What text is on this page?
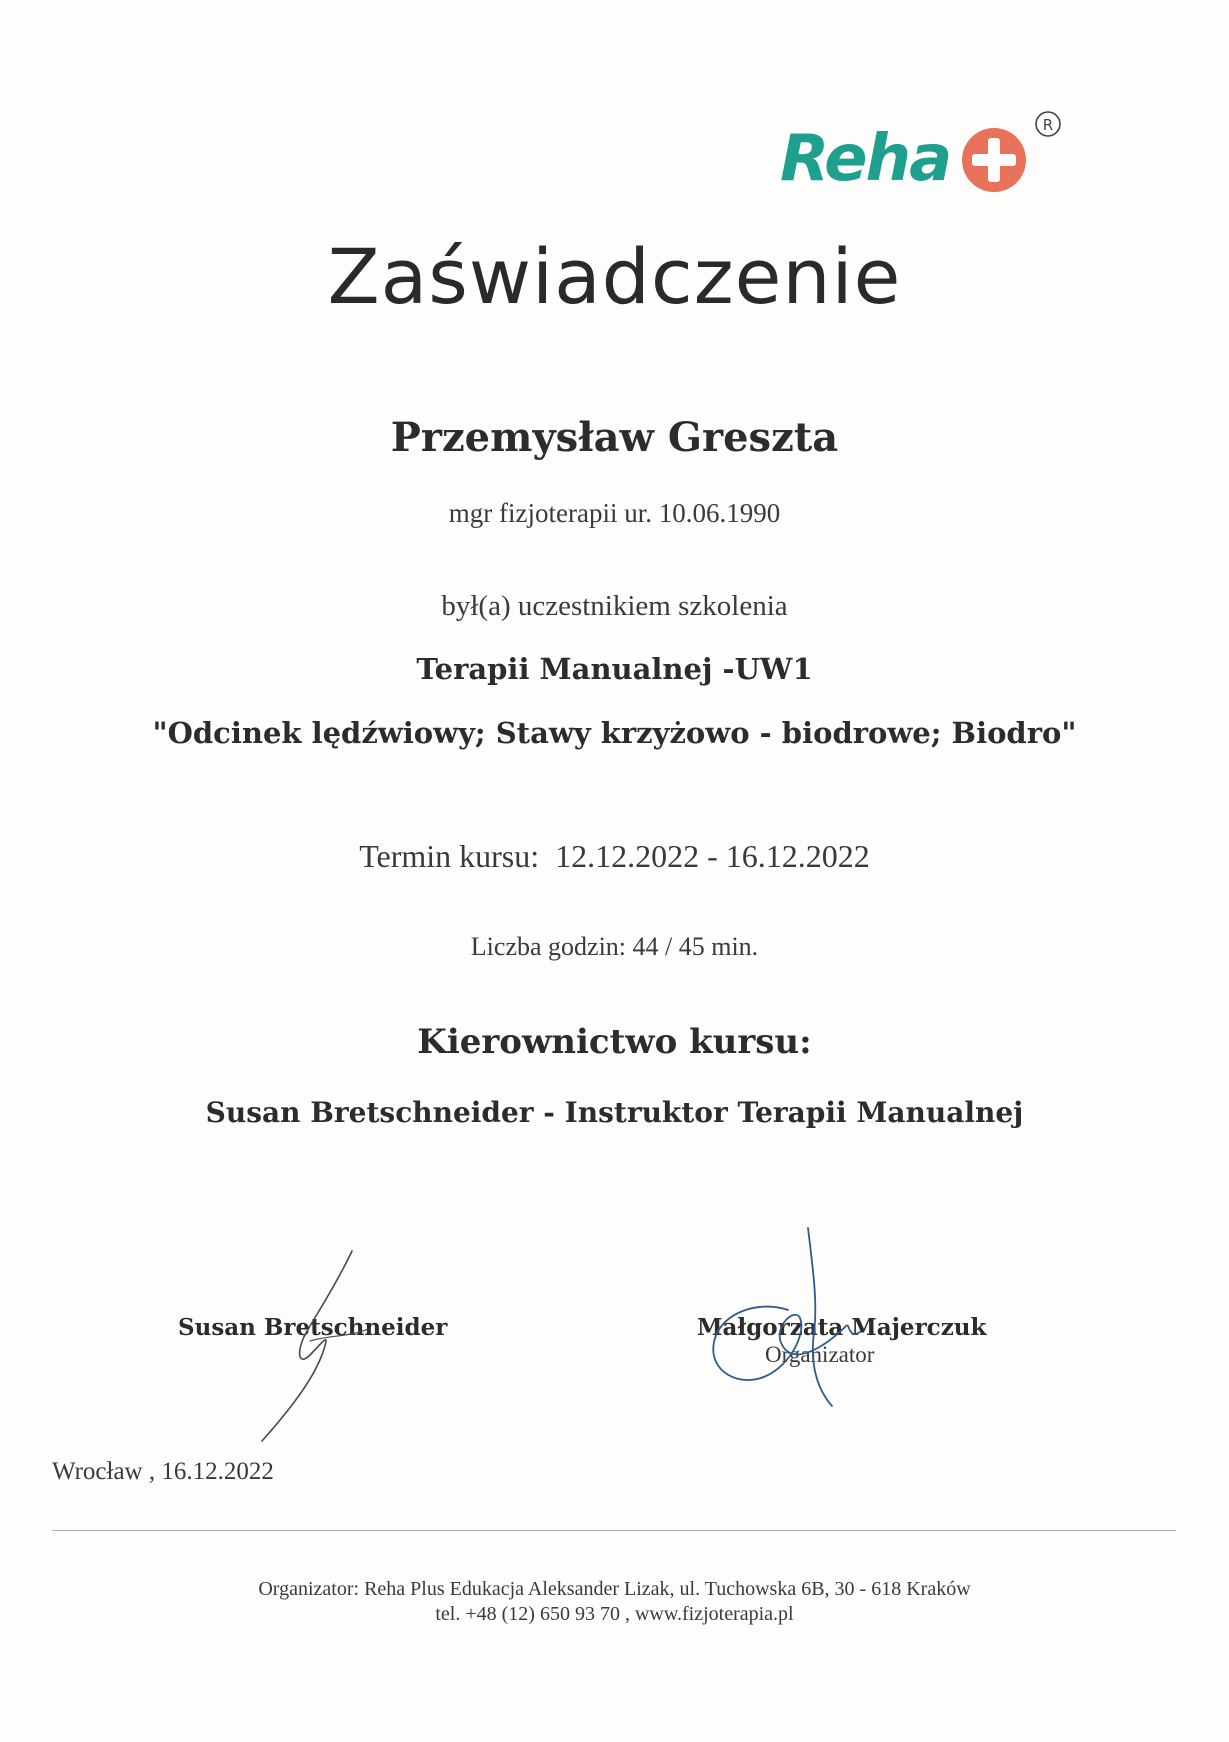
Reha	R
Zaświadczenie
Przemysław Greszta
mgr fizjoterapii ur. 10.06.1990
był(a) uczestnikiem szkolenia
Terapii Manualnej -UW1
"Odcinek lędźwiowy; Stawy krzyżowo - biodrowe; Biodro"
Termin kursu: 12.12.2022 - 16.12.2022
Liczba godzin: 44 / 45 min.
Kierownictwo kursu:
Susan Bretschneider - Instruktor Terapii Manualnej
Susan Bretschneider	Małgorzata Majerczuk
Organizator
Wrocław , 16.12.2022
Organizator: Reha Plus Edukacja Aleksander Lizak, ul. Tuchowska 6B, 30 - 618 Kraków
tel. +48 (12) 650 93 70 , www.fizjoterapia.pl
